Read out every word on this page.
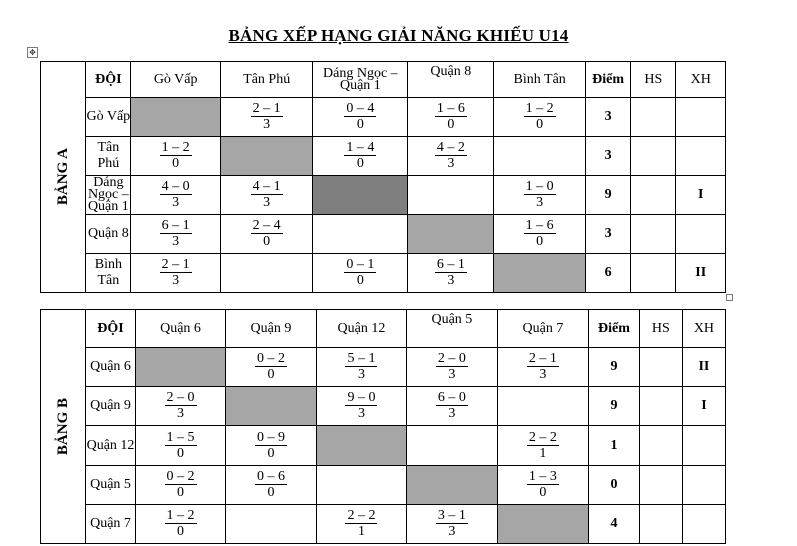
BẢNG XẾP HẠNG GIẢI NĂNG KHIẾU U14
✥
BẢNG A	ĐỘI	Gò Vấp	Tân Phú	Dáng Ngọc – Quận 1	Quận 8	Bình Tân	Điểm	HS	XH
	Gò Vấp		$\frac{2 - 1}{3}$	$\frac{0 - 4}{0}$	$\frac{1 - 6}{0}$	$\frac{1 - 2}{0}$	3		
	Tân Phú	$\frac{1 - 2}{0}$		$\frac{1 - 4}{0}$	$\frac{4 - 2}{3}$		3		
	Dáng Ngọc – Quận 1	$\frac{4 - 0}{3}$	$\frac{4 - 1}{3}$			$\frac{1 - 0}{3}$	9		I
	Quận 8	$\frac{6 - 1}{3}$	$\frac{2 - 4}{0}$			$\frac{1 - 6}{0}$	3		
	Bình Tân	$\frac{2 - 1}{3}$		$\frac{0 - 1}{0}$	$\frac{6 - 1}{3}$		6		II
BẢNG B	ĐỘI	Quận 6	Quận 9	Quận 12	Quận 5	Quận 7	Điểm	HS	XH
	Quận 6		$\frac{0 - 2}{0}$	$\frac{5 - 1}{3}$	$\frac{2 - 0}{3}$	$\frac{2 - 1}{3}$	9		II
	Quận 9	$\frac{2 - 0}{3}$		$\frac{9 - 0}{3}$	$\frac{6 - 0}{3}$		9		I
	Quận 12	$\frac{1 - 5}{0}$	$\frac{0 - 9}{0}$			$\frac{2 - 2}{1}$	1		
	Quận 5	$\frac{0 - 2}{0}$	$\frac{0 - 6}{0}$			$\frac{1 - 3}{0}$	0		
	Quận 7	$\frac{1 - 2}{0}$		$\frac{2 - 2}{1}$	$\frac{3 - 1}{3}$		4		
